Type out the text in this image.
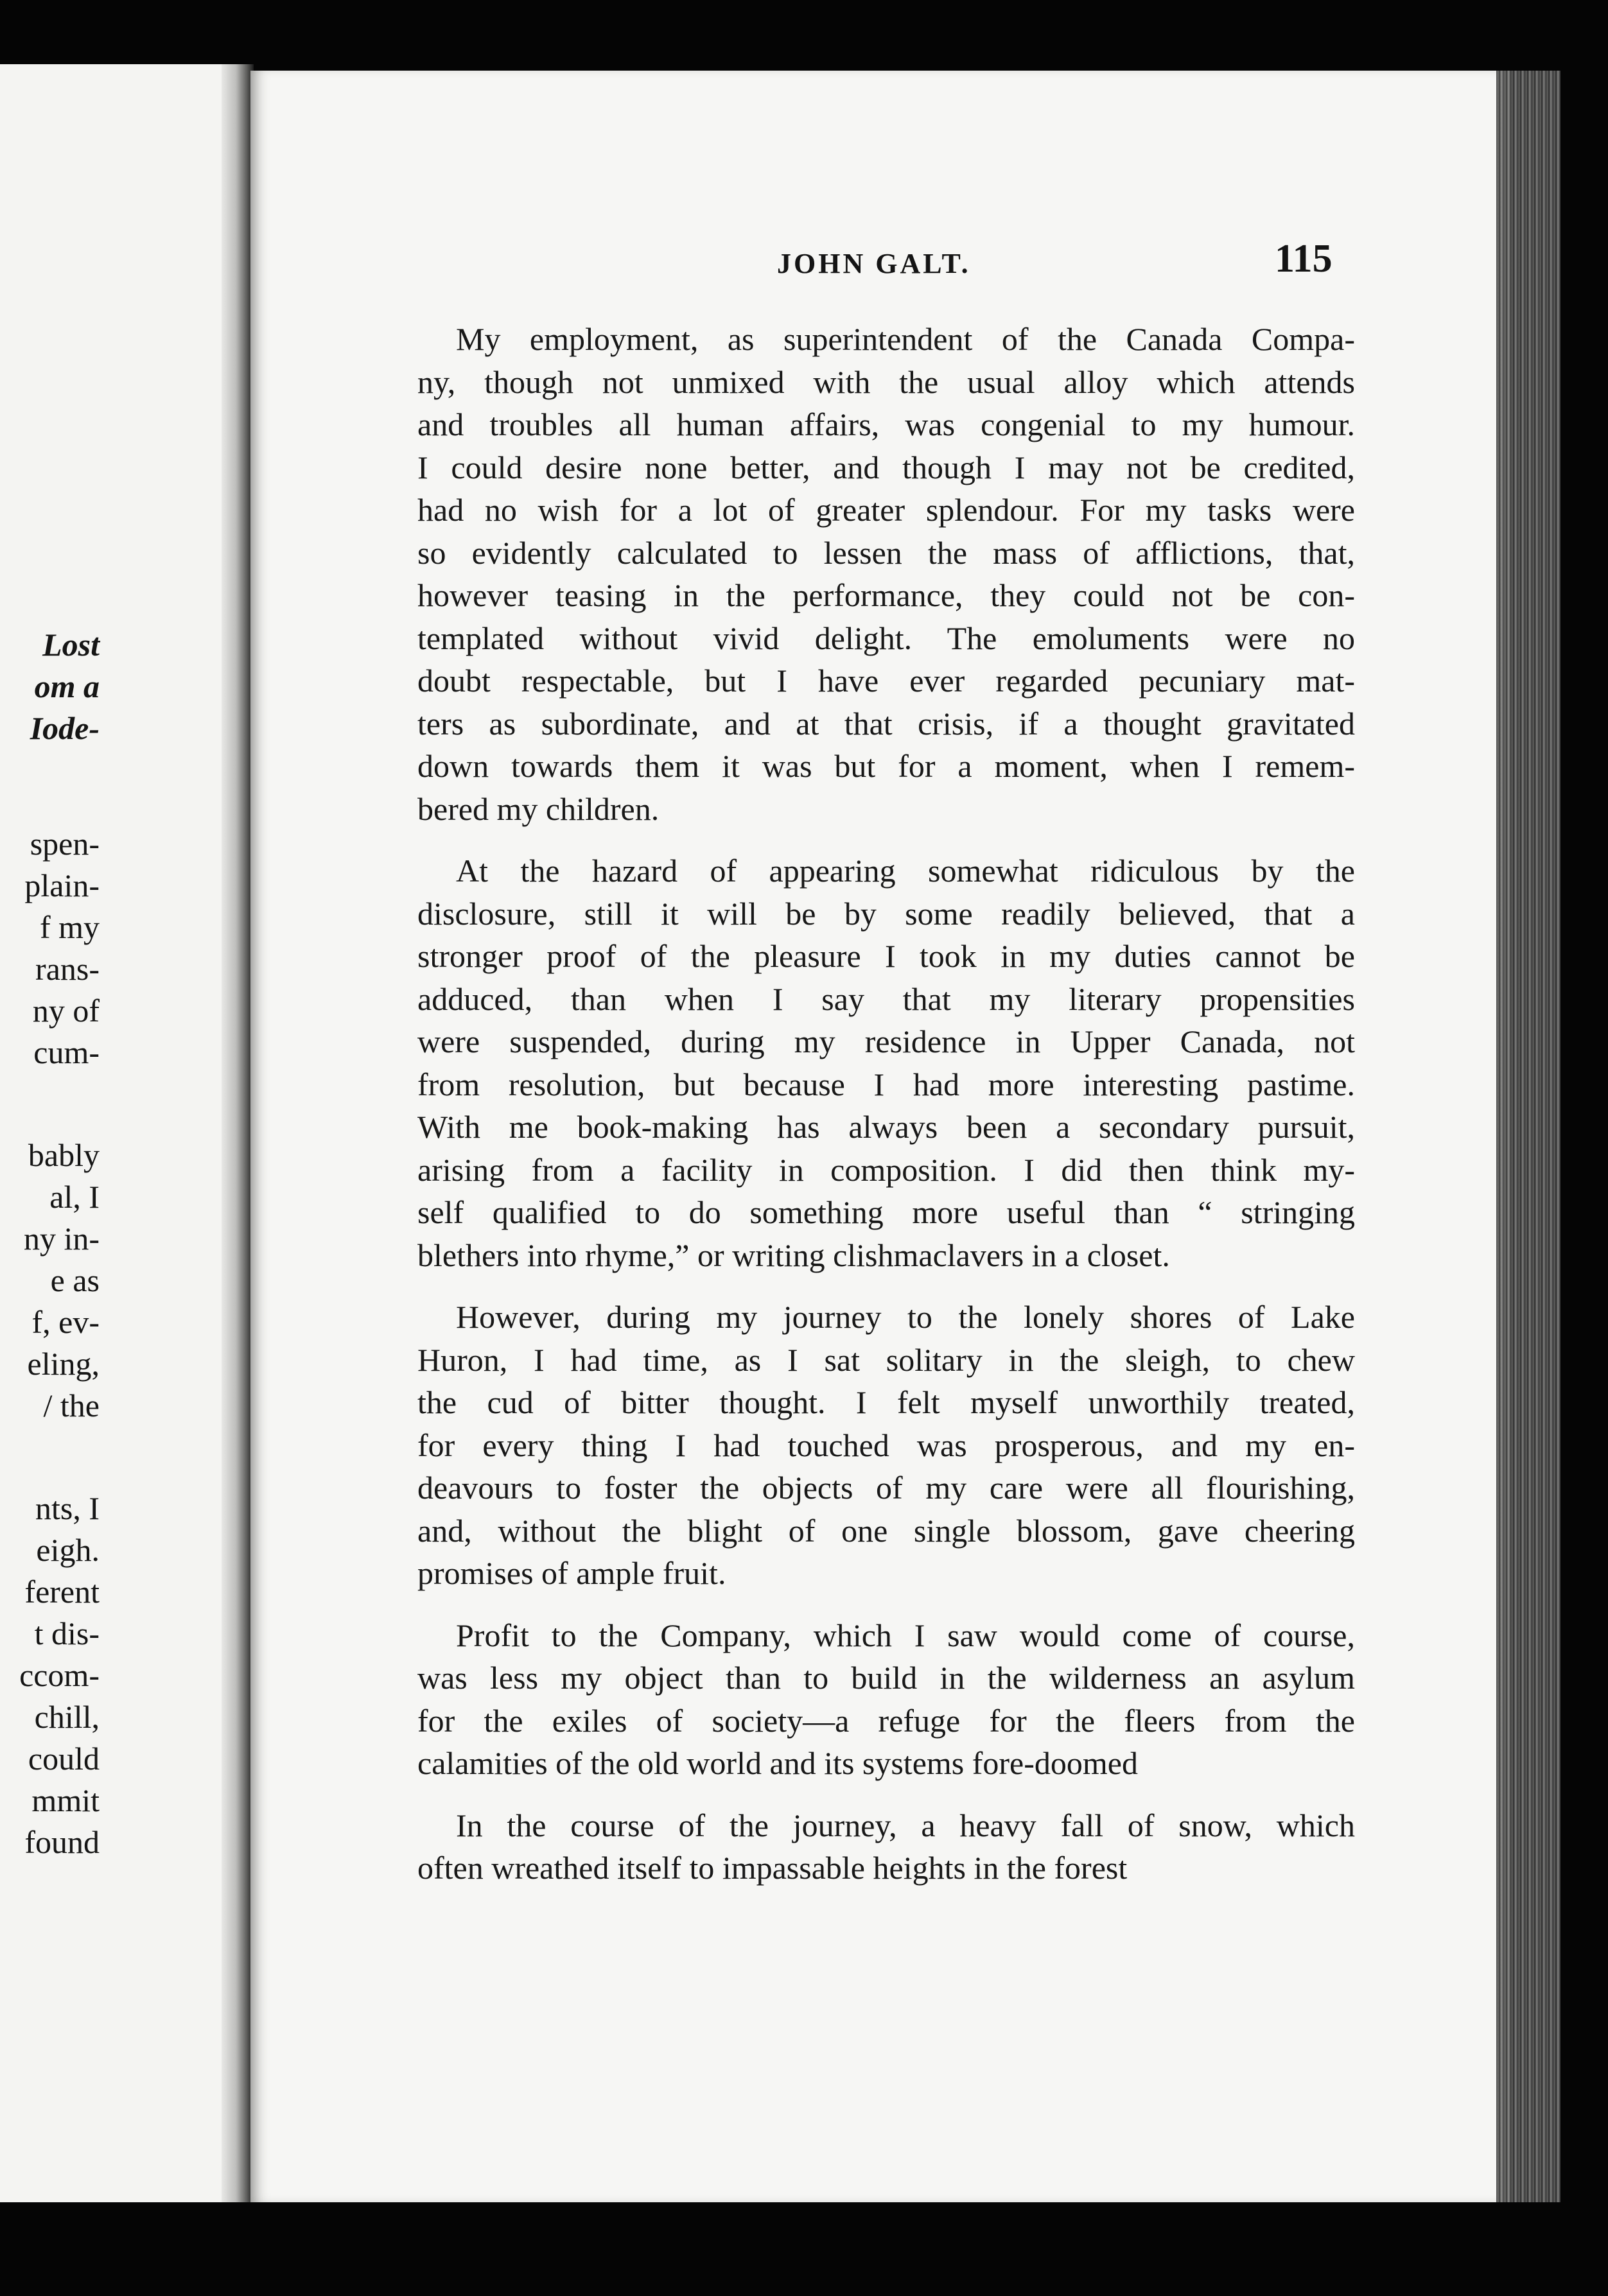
Lost
om a
Iode-
spen-
plain-
f my
rans-
ny of
cum-
bably
al, I
ny in-
e as
f, ev-
eling,
/ the
nts, I
eigh.
ferent
t dis-
ccom-
chill,
could
mmit
found
JOHN GALT.	115
My employment, as superintendent of the Canada Compa-
ny, though not unmixed with the usual alloy which attends
and troubles all human affairs, was congenial to my humour.
I could desire none better, and though I may not be credited,
had no wish for a lot of greater splendour. For my tasks were
so evidently calculated to lessen the mass of afflictions, that,
however teasing in the performance, they could not be con-
templated without vivid delight. The emoluments were no
doubt respectable, but I have ever regarded pecuniary mat-
ters as subordinate, and at that crisis, if a thought gravitated
down towards them it was but for a moment, when I remem-
bered my children.
At the hazard of appearing somewhat ridiculous by the
disclosure, still it will be by some readily believed, that a
stronger proof of the pleasure I took in my duties cannot be
adduced, than when I say that my literary propensities
were suspended, during my residence in Upper Canada, not
from resolution, but because I had more interesting pastime.
With me book-making has always been a secondary pursuit,
arising from a facility in composition. I did then think my-
self qualified to do something more useful than “ stringing
blethers into rhyme,” or writing clishmaclavers in a closet.
However, during my journey to the lonely shores of Lake
Huron, I had time, as I sat solitary in the sleigh, to chew
the cud of bitter thought. I felt myself unworthily treated,
for every thing I had touched was prosperous, and my en-
deavours to foster the objects of my care were all flourishing,
and, without the blight of one single blossom, gave cheering
promises of ample fruit.
Profit to the Company, which I saw would come of course,
was less my object than to build in the wilderness an asylum
for the exiles of society—a refuge for the fleers from the
calamities of the old world and its systems fore-doomed
In the course of the journey, a heavy fall of snow, which
often wreathed itself to impassable heights in the forest
